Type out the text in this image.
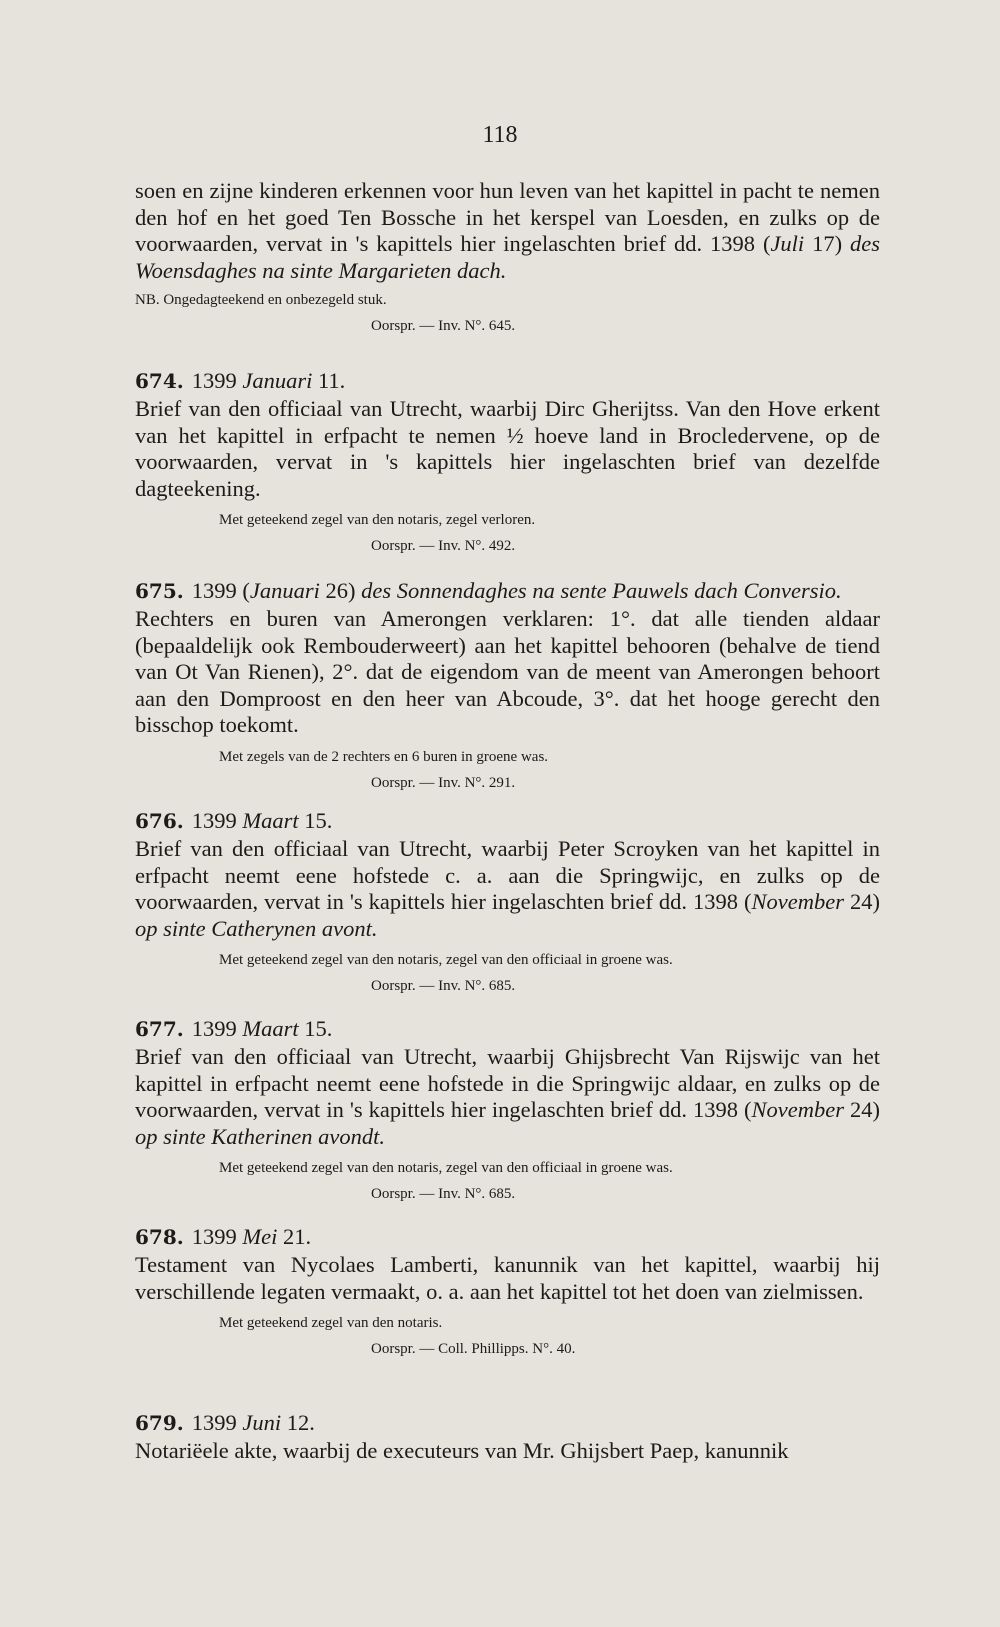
118

soen en zijne kinderen erkennen voor hun leven van het kapittel in pacht te nemen den hof en het goed Ten Bossche in het kerspel van Loesden, en zulks op de voorwaarden, vervat in 's kapittels hier ingelaschten brief dd. 1398 (Juli 17) des Woensdaghes na sinte Margarieten dach.

NB. Ongedagteekend en onbezegeld stuk.

Oorspr. — Inv. N°. 645.

674. 1399 Januari 11.

Brief van den officiaal van Utrecht, waarbij Dirc Gherijtss. Van den Hove erkent van het kapittel in erfpacht te nemen ½ hoeve land in Brocledervene, op de voorwaarden, vervat in 's kapittels hier ingelaschten brief van dezelfde dagteekening.

Met geteekend zegel van den notaris, zegel verloren.

Oorspr. — Inv. N°. 492.

675. 1399 (Januari 26) des Sonnendaghes na sente Pauwels dach Conversio.

Rechters en buren van Amerongen verklaren: 1°. dat alle tienden aldaar (bepaaldelijk ook Rembouderweert) aan het kapittel behooren (behalve de tiend van Ot Van Rienen), 2°. dat de eigendom van de meent van Amerongen behoort aan den Domproost en den heer van Abcoude, 3°. dat het hooge gerecht den bisschop toekomt.

Met zegels van de 2 rechters en 6 buren in groene was.

Oorspr. — Inv. N°. 291.

676. 1399 Maart 15.

Brief van den officiaal van Utrecht, waarbij Peter Scroyken van het kapittel in erfpacht neemt eene hofstede c. a. aan die Springwijc, en zulks op de voorwaarden, vervat in 's kapittels hier ingelaschten brief dd. 1398 (November 24) op sinte Catherynen avont.

Met geteekend zegel van den notaris, zegel van den officiaal in groene was.

Oorspr. — Inv. N°. 685.

677. 1399 Maart 15.

Brief van den officiaal van Utrecht, waarbij Ghijsbrecht Van Rijswijc van het kapittel in erfpacht neemt eene hofstede in die Springwijc aldaar, en zulks op de voorwaarden, vervat in 's kapittels hier ingelaschten brief dd. 1398 (November 24) op sinte Katherinen avondt.

Met geteekend zegel van den notaris, zegel van den officiaal in groene was.

Oorspr. — Inv. N°. 685.

678. 1399 Mei 21.

Testament van Nycolaes Lamberti, kanunnik van het kapittel, waarbij hij verschillende legaten vermaakt, o. a. aan het kapittel tot het doen van zielmissen.

Met geteekend zegel van den notaris.

Oorspr. — Coll. Phillipps. N°. 40.

679. 1399 Juni 12.

Notariëele akte, waarbij de executeurs van Mr. Ghijsbert Paep, kanunnik
